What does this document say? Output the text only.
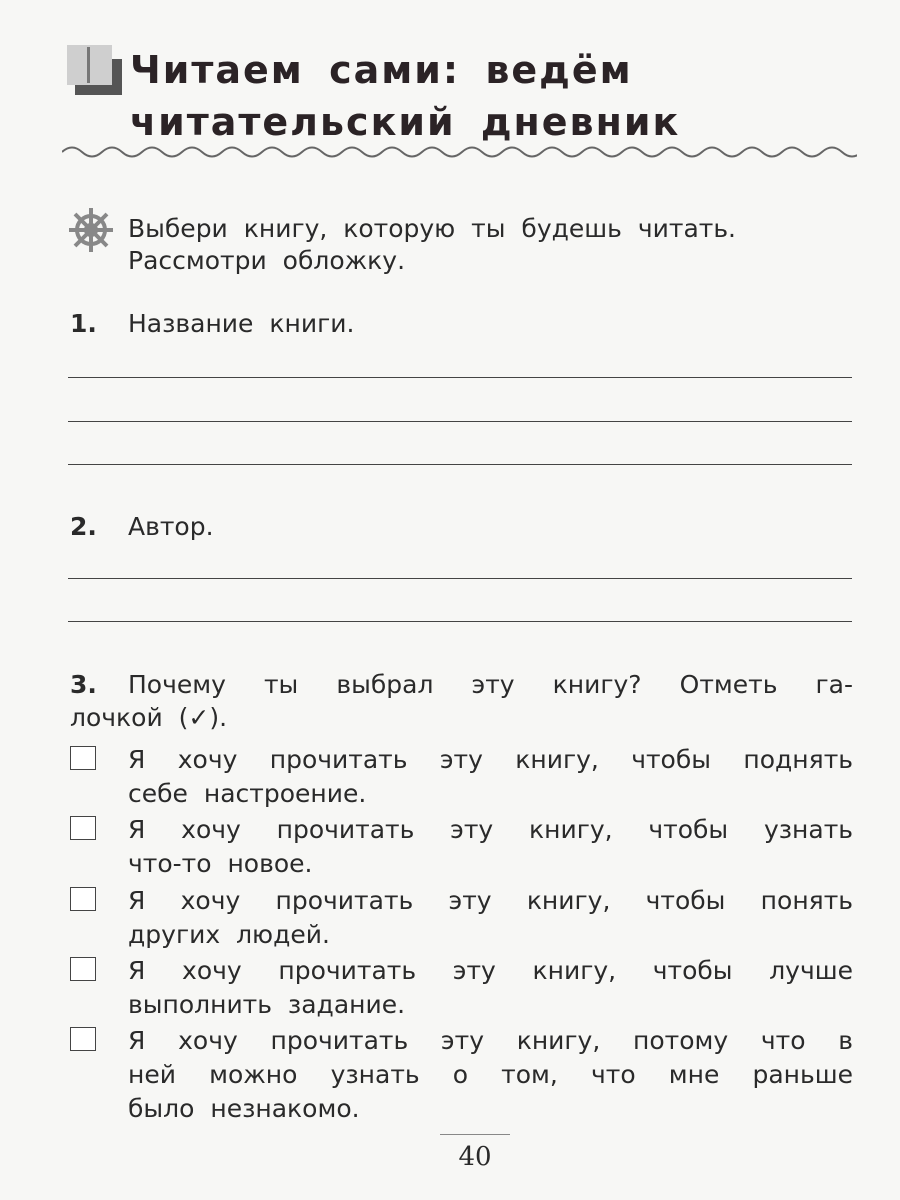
Читаем сами: ведём
читательский дневник
Выбери книгу, которую ты будешь читать.
Рассмотри обложку.
1. Название книги.
2. Автор.
3. Почему ты выбрал эту книгу? Отметь га-
лочкой (✓).
Я хочу прочитать эту книгу, чтобы поднять
себе настроение.
Я хочу прочитать эту книгу, чтобы узнать
что-то новое.
Я хочу прочитать эту книгу, чтобы понять
других людей.
Я хочу прочитать эту книгу, чтобы лучше
выполнить задание.
Я хочу прочитать эту книгу, потому что в
ней можно узнать о том, что мне раньше
было незнакомо.
40
